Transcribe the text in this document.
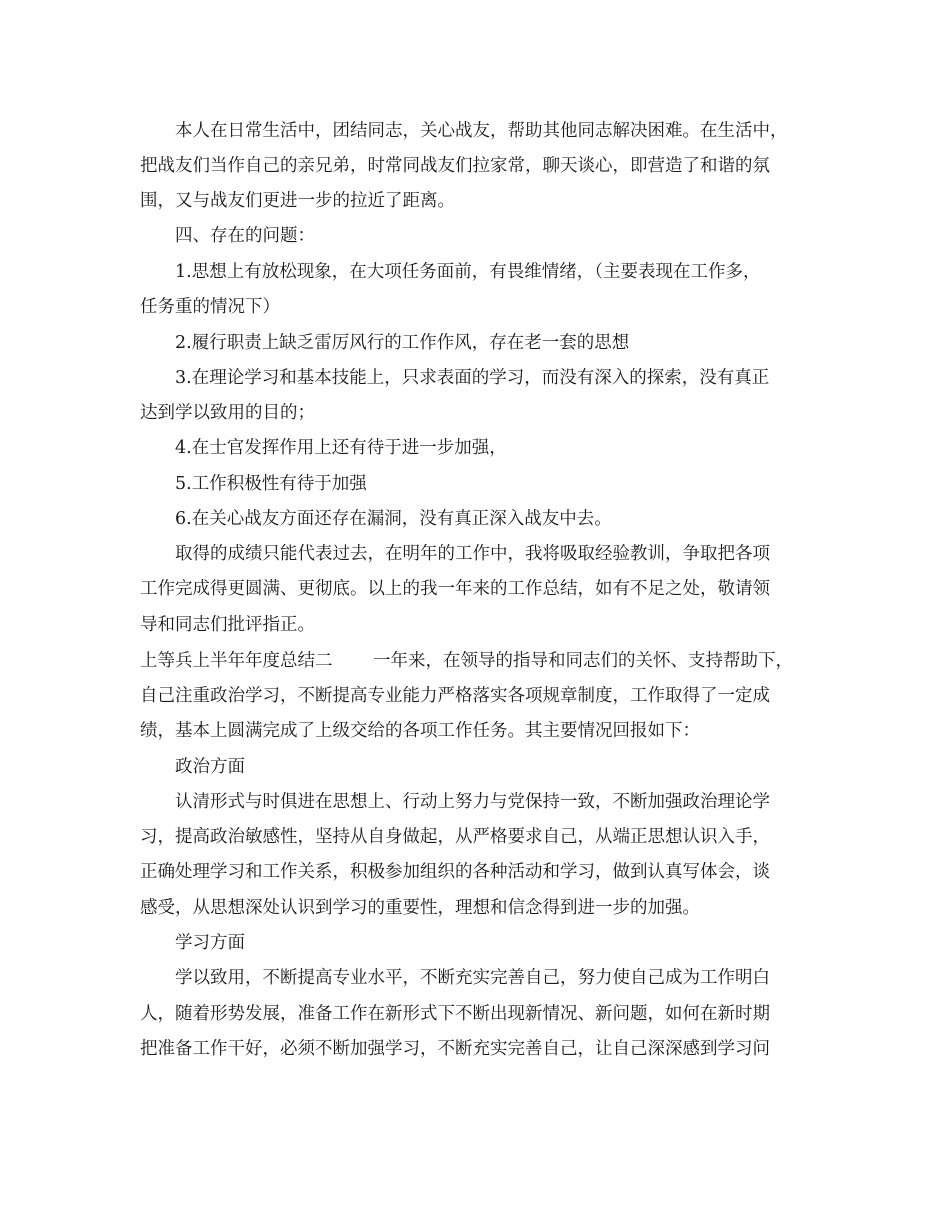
本人在日常生活中，团结同志，关心战友，帮助其他同志解决困难。在生活中，
把战友们当作自己的亲兄弟，时常同战友们拉家常，聊天谈心，即营造了和谐的氛
围，又与战友们更进一步的拉近了距离。
四、存在的问题：
1.思想上有放松现象，在大项任务面前，有畏维情绪，（主要表现在工作多，
任务重的情况下）
2.履行职责上缺乏雷厉风行的工作作风，存在老一套的思想
3.在理论学习和基本技能上，只求表面的学习，而没有深入的探索，没有真正
达到学以致用的目的；
4.在士官发挥作用上还有待于进一步加强，
5.工作积极性有待于加强
6.在关心战友方面还存在漏洞，没有真正深入战友中去。
取得的成绩只能代表过去，在明年的工作中，我将吸取经验教训，争取把各项
工作完成得更圆满、更彻底。以上的我一年来的工作总结，如有不足之处，敬请领
导和同志们批评指正。
上等兵上半年年度总结二　　 一年来，在领导的指导和同志们的关怀、支持帮助下，
自己注重政治学习，不断提高专业能力严格落实各项规章制度，工作取得了一定成
绩，基本上圆满完成了上级交给的各项工作任务。其主要情况回报如下：
政治方面
认清形式与时俱进在思想上、行动上努力与党保持一致，不断加强政治理论学
习，提高政治敏感性，坚持从自身做起，从严格要求自己，从端正思想认识入手，
正确处理学习和工作关系，积极参加组织的各种活动和学习，做到认真写体会，谈
感受，从思想深处认识到学习的重要性，理想和信念得到进一步的加强。
学习方面
学以致用，不断提高专业水平，不断充实完善自己，努力使自己成为工作明白
人，随着形势发展，准备工作在新形式下不断出现新情况、新问题，如何在新时期
把准备工作干好，必须不断加强学习，不断充实完善自己，让自己深深感到学习问
